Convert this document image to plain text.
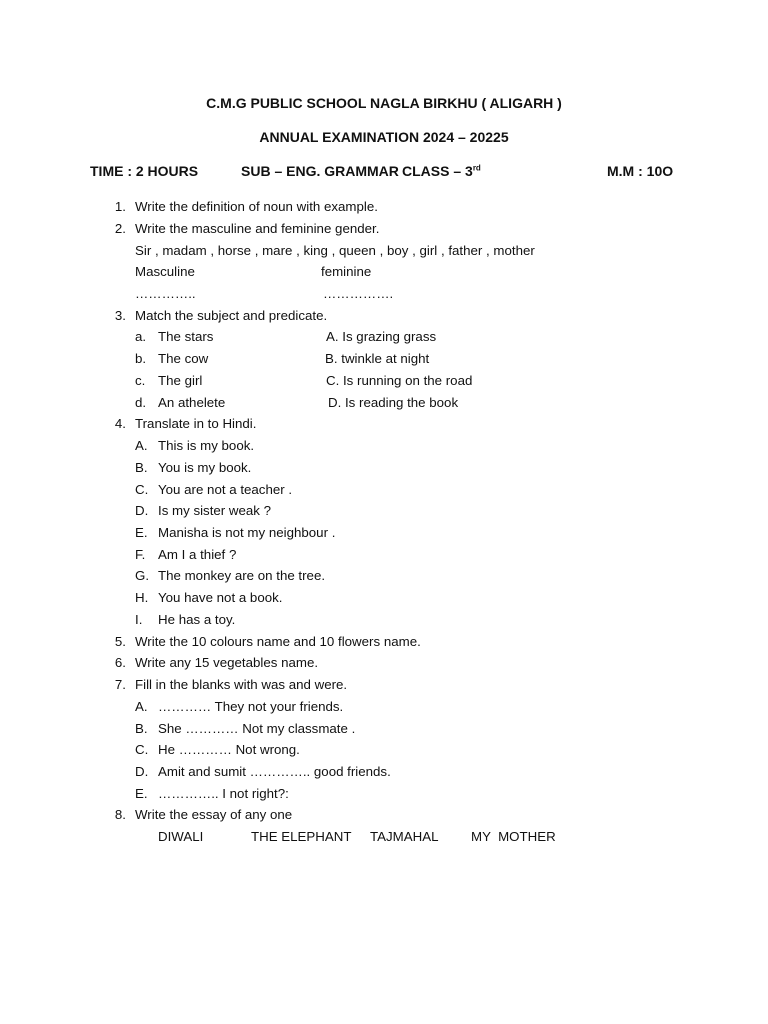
C.M.G PUBLIC SCHOOL NAGLA BIRKHU ( ALIGARH )
ANNUAL EXAMINATION 2024 – 20225
TIME : 2 HOURS	SUB – ENG. GRAMMAR CLASS – 3rd	M.M : 10O
1. Write the definition of noun with example.
2. Write the masculine and feminine gender.
Sir , madam , horse , mare , king , queen , boy , girl , father , mother
Masculine	feminine
…………..	…………….
3. Match the subject and predicate.
a. The stars	A. Is grazing grass
b. The cow	B. twinkle at night
c. The girl	C. Is running on the road
d. An athelete	D. Is reading the book
4. Translate in to Hindi.
A. This is my book.
B. You is my book.
C. You are not a teacher .
D. Is my sister weak ?
E. Manisha is not my neighbour .
F. Am I a thief ?
G. The monkey are on the tree.
H. You have not a book.
I.	He has a toy.
5. Write the 10 colours name and 10 flowers name.
6. Write any 15 vegetables name.
7. Fill in the blanks with was and were.
A. ………… They not your friends.
B. She ………… Not my classmate .
C. He ………… Not wrong.
D. Amit and sumit ………….. good friends.
E. ………….. I not right?:
8. Write the essay of any one
DIWALI	THE ELEPHANT TAJMAHAL MY  MOTHER
